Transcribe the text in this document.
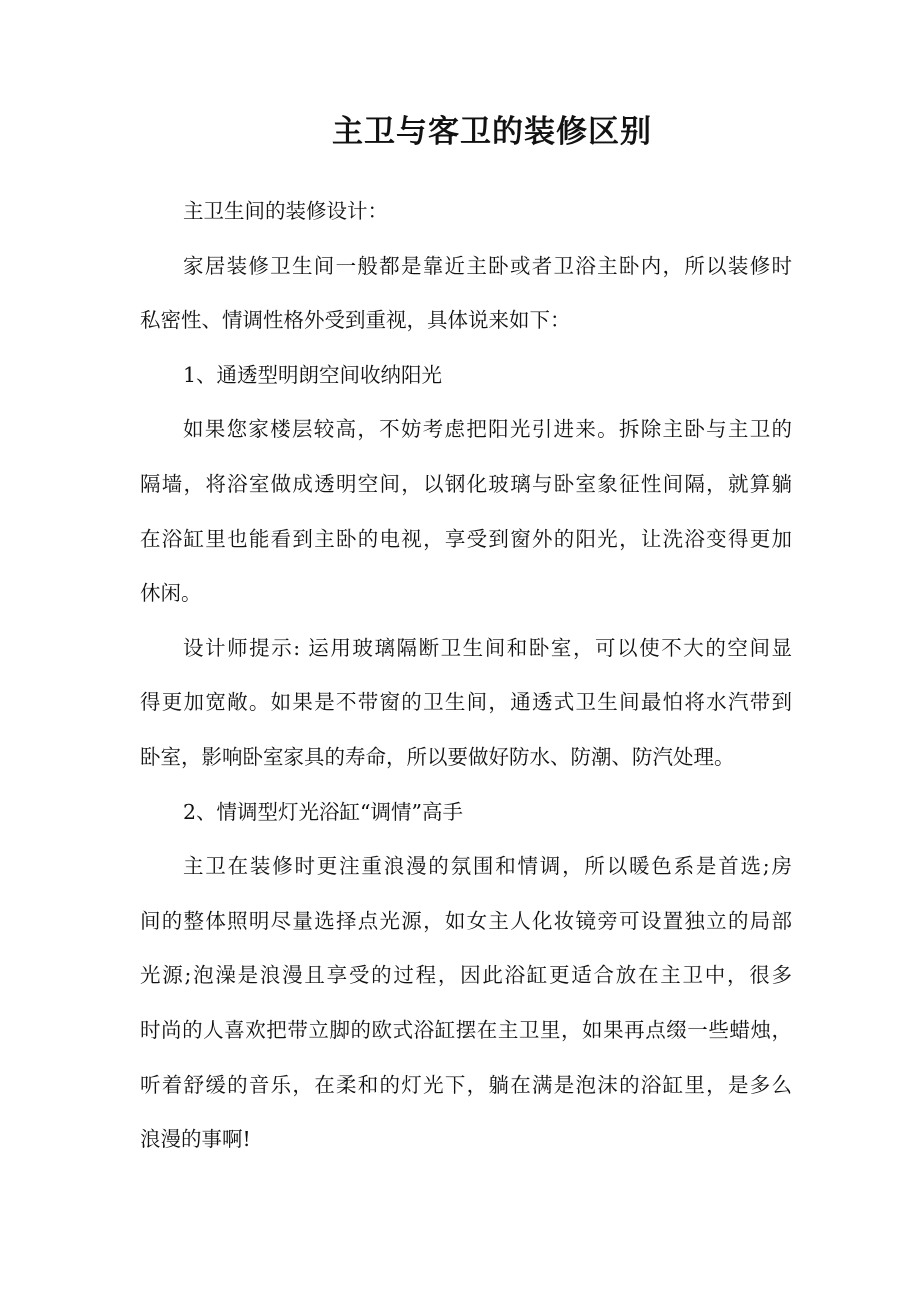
主卫与客卫的装修区别
主卫生间的装修设计：
家居装修卫生间一般都是靠近主卧或者卫浴主卧内，所以装修时
私密性、情调性格外受到重视，具体说来如下：
1、通透型明朗空间收纳阳光
如果您家楼层较高，不妨考虑把阳光引进来。拆除主卧与主卫的
隔墙，将浴室做成透明空间，以钢化玻璃与卧室象征性间隔，就算躺
在浴缸里也能看到主卧的电视，享受到窗外的阳光，让洗浴变得更加
休闲。
设计师提示: 运用玻璃隔断卫生间和卧室，可以使不大的空间显
得更加宽敞。如果是不带窗的卫生间，通透式卫生间最怕将水汽带到
卧室，影响卧室家具的寿命，所以要做好防水、防潮、防汽处理。
2、情调型灯光浴缸“调情”高手
主卫在装修时更注重浪漫的氛围和情调，所以暖色系是首选;房
间的整体照明尽量选择点光源，如女主人化妆镜旁可设置独立的局部
光源;泡澡是浪漫且享受的过程，因此浴缸更适合放在主卫中，很多
时尚的人喜欢把带立脚的欧式浴缸摆在主卫里，如果再点缀一些蜡烛，
听着舒缓的音乐，在柔和的灯光下，躺在满是泡沫的浴缸里，是多么
浪漫的事啊!
